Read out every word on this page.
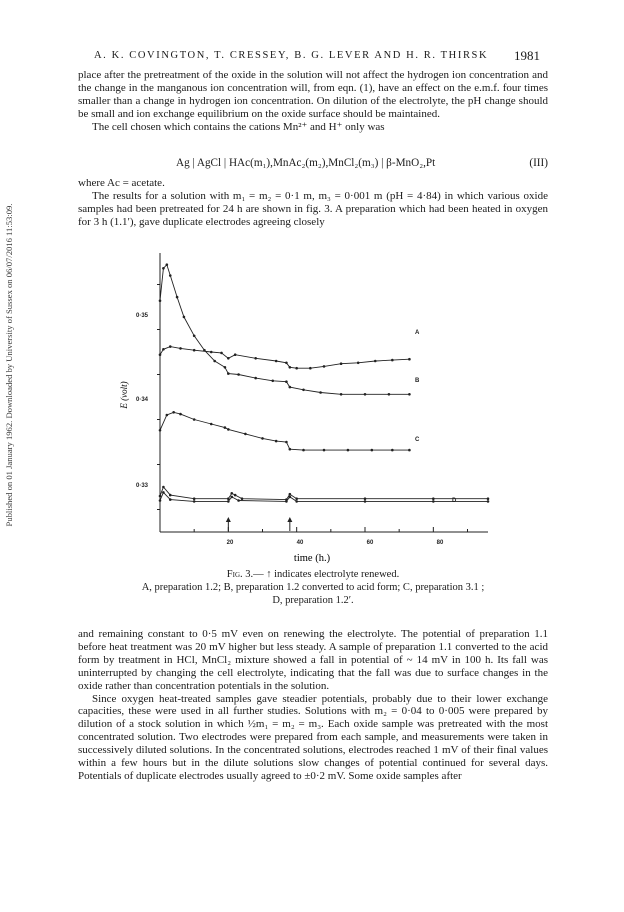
Published on 01 January 1962. Downloaded by University of Sussex on 06/07/2016 11:53:09.
A. K. COVINGTON, T. CRESSEY, B. G. LEVER AND H. R. THIRSK 1981

place after the pretreatment of the oxide in the solution will not affect the hydrogen ion concentration and the change in the manganous ion concentration will, from eqn. (1), have an effect on the e.m.f. four times smaller than a change in hydrogen ion concentration. On dilution of the electrolyte, the pH change should be small and ion exchange equilibrium on the oxide surface should be maintained.

The cell chosen which contains the cations Mn²⁺ and H⁺ only was

Ag | AgCl | HAc(m₁),MnAc₂(m₂),MnCl₂(m₃) | β-MnO₂,Pt	(III)

where Ac = acetate.

The results for a solution with m₁ = m₂ = 0·1 m, m₃ = 0·001 m (pH = 4·84) in which various oxide samples had been pretreated for 24 h are shown in fig. 3. A preparation which had been heated in oxygen for 3 h (1.1′), gave duplicate electrodes agreeing closely

20	40	60	80
0·35
0·34
0·33
E (volt)
time (h.)
A
B
C
D
Fig. 3.— ↑ indicates electrolyte renewed.
A, preparation 1.2; B, preparation 1.2 converted to acid form; C, preparation 3.1 ;
D, preparation 1.2′.

and remaining constant to 0·5 mV even on renewing the electrolyte. The potential of preparation 1.1 before heat treatment was 20 mV higher but less steady. A sample of preparation 1.1 converted to the acid form by treatment in HCl, MnCl₂ mixture showed a fall in potential of ~ 14 mV in 100 h. Its fall was uninterrupted by changing the cell electrolyte, indicating that the fall was due to surface changes in the oxide rather than concentration potentials in the solution.

Since oxygen heat-treated samples gave steadier potentials, probably due to their lower exchange capacities, these were used in all further studies. Solutions with m₂ = 0·04 to 0·005 were prepared by dilution of a stock solution in which ½m₁ = m₂ = m₃. Each oxide sample was pretreated with the most concentrated solution. Two electrodes were prepared from each sample, and measurements were taken in successively diluted solutions. In the concentrated solutions, electrodes reached 1 mV of their final values within a few hours but in the dilute solutions slow changes of potential continued for several days. Potentials of duplicate electrodes usually agreed to ±0·2 mV. Some oxide samples after
